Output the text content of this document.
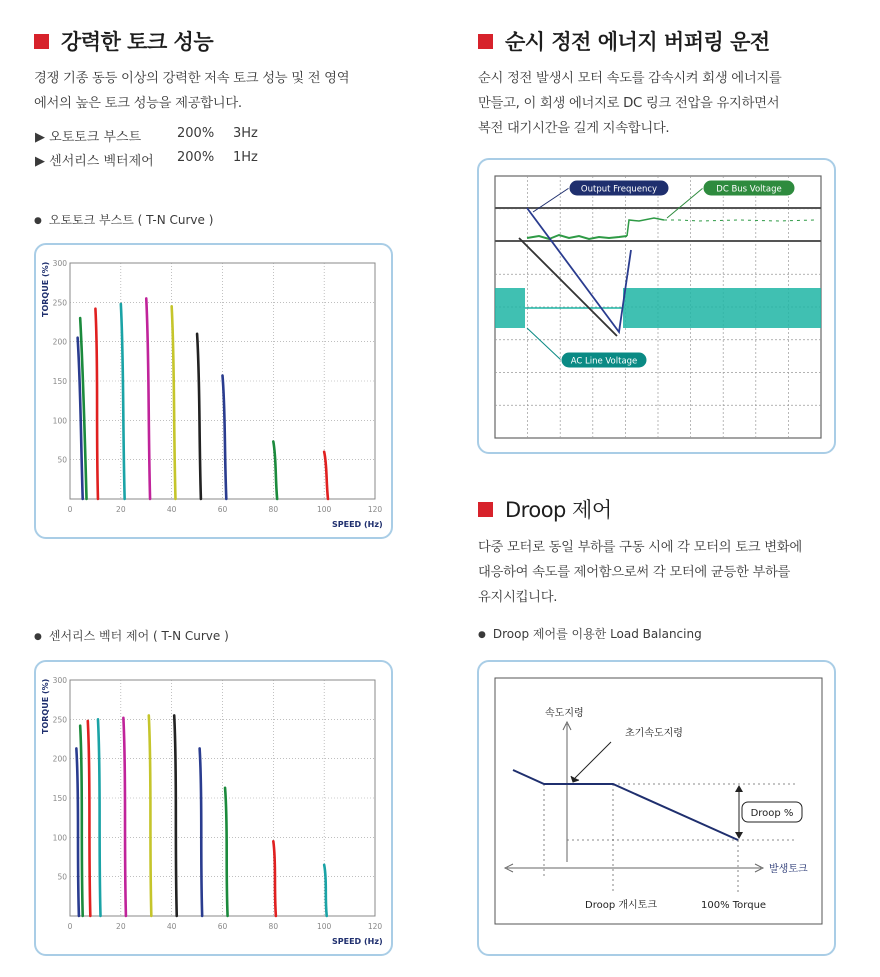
강력한 토크 성능
경쟁 기종 동등 이상의 강력한 저속 토크 성능 및 전 영역
에서의 높은 토크 성능을 제공합니다.
▶ 오토토크 부스트	200%	3Hz
▶ 센서리스 벡터제어	200%	1Hz
● 오토토크 부스트 ( T-N Curve )
0	20	40	60	80	100	120
50
100
150
200
250
300
TORQUE (%)
SPEED (Hz)
● 센서리스 벡터 제어 ( T-N Curve )
0	20	40	60	80	100	120
50
100
150
200
250
300
TORQUE (%)
SPEED (Hz)
순시 정전 에너지 버퍼링 운전
순시 정전 발생시 모터 속도를 감속시켜 회생 에너지를
만들고, 이 회생 에너지로 DC 링크 전압을 유지하면서
복전 대기시간을 길게 지속합니다.
Output Frequency	DC Bus Voltage
AC Line Voltage
Droop 제어
다중 모터로 동일 부하를 구동 시에 각 모터의 토크 변화에
대응하여 속도를 제어함으로써 각 모터에 균등한 부하를
유지시킵니다.
● Droop 제어를 이용한 Load Balancing
Droop %
속도지령
초기속도지령
발생토크
Droop 개시토크	100% Torque
